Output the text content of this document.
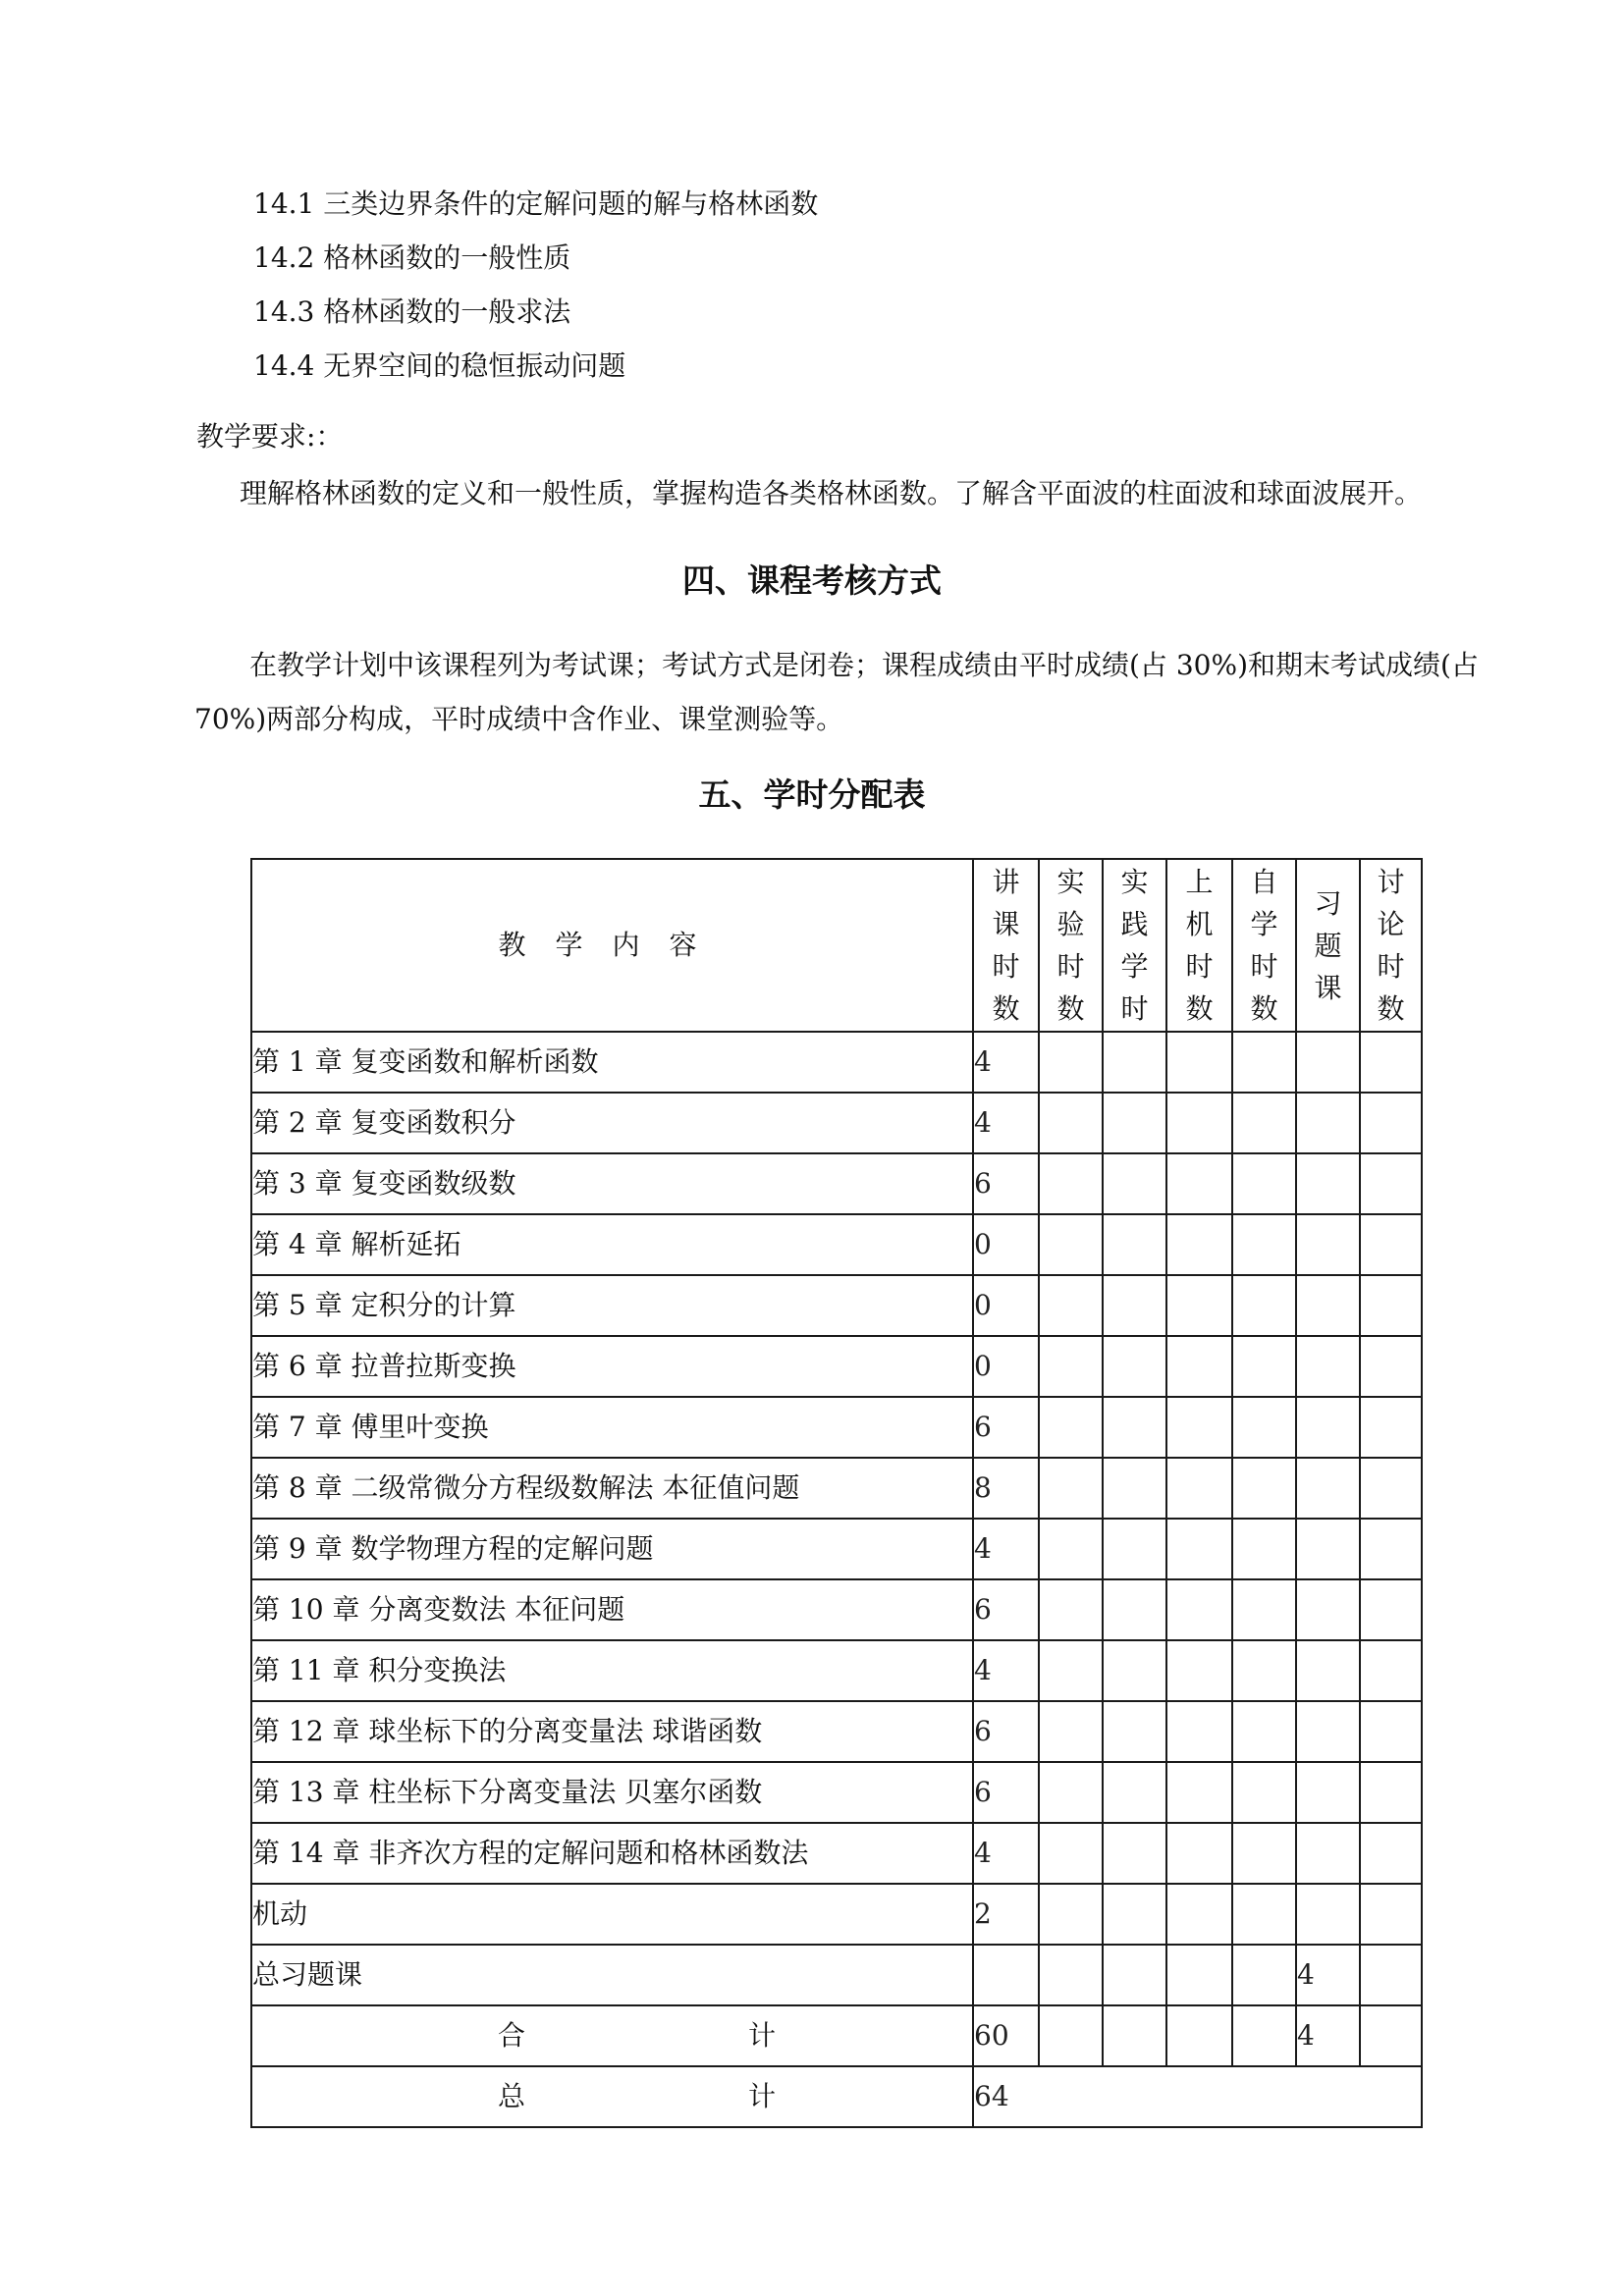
14.1 三类边界条件的定解问题的解与格林函数
14.2 格林函数的一般性质
14.3 格林函数的一般求法
14.4 无界空间的稳恒振动问题
教学要求:：
理解格林函数的定义和一般性质，掌握构造各类格林函数。了解含平面波的柱面波和球面波展开。
四、课程考核方式
在教学计划中该课程列为考试课；考试方式是闭卷；课程成绩由平时成绩(占 30%)和期末考试成绩(占 70%)两部分构成，平时成绩中含作业、课堂测验等。
五、学时分配表
教学内容	讲
课
时
数	实
验
时
数	实
践
学
时	上
机
时
数	自
学
时
数	习
题
课	讨
论
时
数

第 1 章 复变函数和解析函数	4						
第 2 章 复变函数积分	4						
第 3 章 复变函数级数	6						
第 4 章 解析延拓	0						
第 5 章 定积分的计算	0						
第 6 章 拉普拉斯变换	0						
第 7 章 傅里叶变换	6						
第 8 章 二级常微分方程级数解法 本征值问题	8						
第 9 章 数学物理方程的定解问题	4						
第 10 章 分离变数法 本征问题	6						
第 11 章 积分变换法	4						
第 12 章 球坐标下的分离变量法 球谐函数	6						
第 13 章 柱坐标下分离变量法 贝塞尔函数	6						
第 14 章 非齐次方程的定解问题和格林函数法	4						
机动	2						
总习题课						4	

合 计	60					4	

总 计	64						
